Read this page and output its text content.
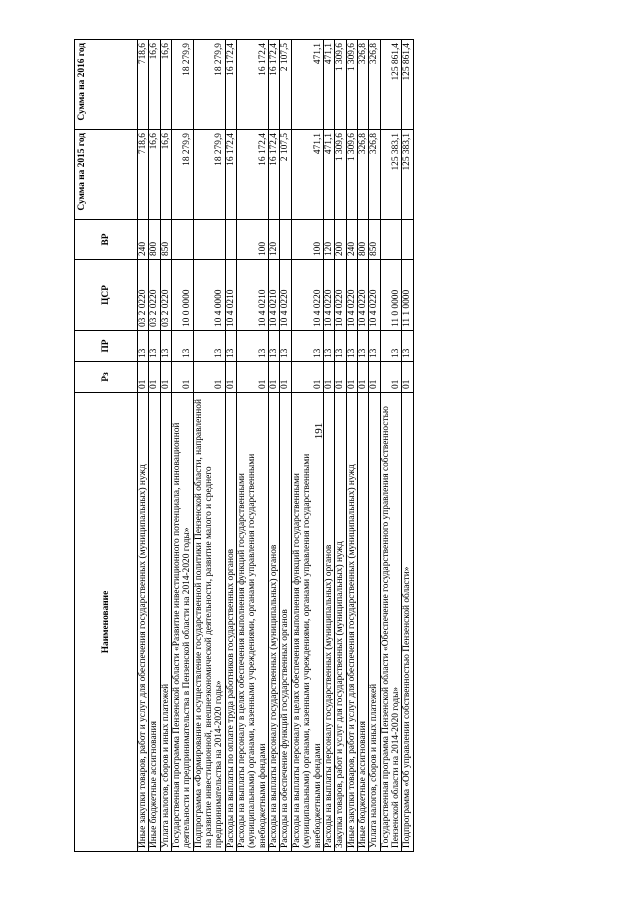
191
Наименование	Рз	ПР	ЦСР	ВР	Сумма на 2015 год	Сумма на 2016 год
Иные закупки товаров, работ и услуг для обеспечения государственных (муниципальных) нужд	01	13	03 2 0220	240	718,6	718,6
Иные бюджетные ассигнования	01	13	03 2 0220	800	16,6	16,6
Уплата налогов, сборов и иных платежей	01	13	03 2 0220	850	16,6	16,6
Государственная программа Пензенской области «Развитие инвестиционного потенциала, инновационной деятельности и предпринимательства в Пензенской области на 2014-2020 годы»	01	13	10 0 0000		18 279,9	18 279,9
Подпрограмма «Формирование и осуществление государственной политики Пензенской области, направленной на развитие инвестиционной, внешнеэкономической деятельности, развитие малого и среднего предпринимательства на 2014-2020 годы»	01	13	10 4 0000		18 279,9	18 279,9
Расходы на выплаты по оплате труда работников государственных органов	01	13	10 4 0210		16 172,4	16 172,4
Расходы на выплаты персоналу в целях обеспечения выполнения функций государственными (муниципальными) органами, казенными учреждениями, органами управления государственными внебюджетными фондами	01	13	10 4 0210	100	16 172,4	16 172,4
Расходы на выплаты персоналу государственных (муниципальных) органов	01	13	10 4 0210	120	16 172,4	16 172,4
Расходы на обеспечение функций государственных органов	01	13	10 4 0220		2 107,5	2 107,5
Расходы на выплаты персоналу в целях обеспечения выполнения функций государственными (муниципальными) органами, казенными учреждениями, органами управления государственными внебюджетными фондами	01	13	10 4 0220	100	471,1	471,1
Расходы на выплаты персоналу государственных (муниципальных) органов	01	13	10 4 0220	120	471,1	471,1
Закупка товаров, работ и услуг для государственных (муниципальных) нужд	01	13	10 4 0220	200	1 309,6	1 309,6
Иные закупки товаров, работ и услуг для обеспечения государственных (муниципальных) нужд	01	13	10 4 0220	240	1 309,6	1 309,6
Иные бюджетные ассигнования	01	13	10 4 0220	800	326,8	326,8
Уплата налогов, сборов и иных платежей	01	13	10 4 0220	850	326,8	326,8
Государственная программа Пензенской области «Обеспечение государственного управления собственностью Пензенской области на 2014-2020 годы»	01	13	11 0 0000		125 383,1	125 861,4
Подпрограмма «Об управлении собственностью Пензенской области»	01	13	11 1 0000		125 383,1	125 861,4
